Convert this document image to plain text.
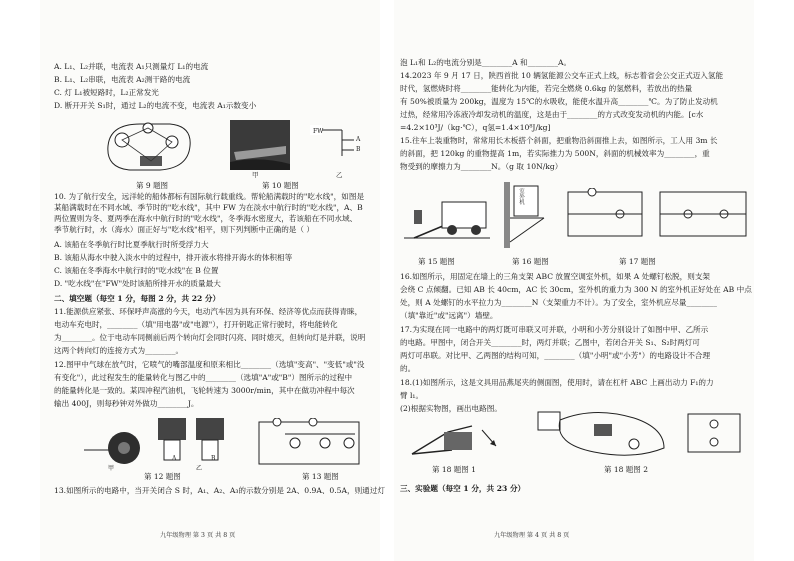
A. L₁、L₂并联，电流表 A₁只测量灯 L₁的电流
B. L₁、L₂串联，电流表 A₂测干路的电流
C. 灯 L₁被短路时，L₂正常发光
D. 断开开关 S₁时，通过 L₂的电流不变，电流表 A₁示数变小
第 9 题图
FW
A
B
甲	乙
第 10 题图
10. 为了航行安全，远洋轮的船体都标有国际航行载重线。帮轮船满载时的"吃水线"，如图是
某船满载时在不同水域、季节时的"吃水线"，其中 FW 为在淡水中航行时的"吃水线"，A、B
两位置则为冬、夏两季在海水中航行时的"吃水线"，冬季海水密度大，若该船在不同水域、
季节航行时，水（海水）面正好与"吃水线"相平，则下列判断中正确的是（ ）
A. 该船在冬季航行时比夏季航行时所受浮力大
B. 该船从海水中驶入淡水中的过程中，排开液水将排开海水的体积相等
C. 该船在冬季海水中航行时的"吃水线"在 B 位置
D. "吃水线"在"FW"处时该船所排开水的质量最大
二、填空题（每空 1 分，每图 2 分，共 22 分）
11.能源供应紧张、环保呼声高涨的今天，电动汽车因为具有环保、经济等优点而获得青睐，
电动车充电时，________（填"用电器"或"电源"），打开钥匙正常行驶时，将电能转化
为________。位于电动车同侧前后两个转向灯会同时闪亮、同时熄灭，但转向灯是并联，说明
这两个转向灯的连接方式为________。
12.图甲中气球在放气时，它喷气的嘴部温度和原来相比________（选填"变高"、"变低"或"没
有变化"），此过程发生的能量转化与图乙中的________（选填"A"或"B"）图所示的过程中
的能量转化是一致的。某四冲程汽油机，飞轮转速为 3000r/min，其中在做功冲程中每次
输出 400J，则每秒钟对外做功________J。
甲	乙
A	B
第 12 题图	第 13 题图
13.如图所示的电路中，当开关闭合 S 时，A₁、A₂、A₃的示数分别是 2A、0.9A、0.5A，则通过灯
九年级物理 第 3 页 共 8 页
泡 L₁和 L₂的电流分别是________A 和________A。
14.2023 年 9 月 17 日，陕西首批 10 辆氢能源公交车正式上线，标志着省会公交正式迈入氢能
时代，氢燃烧时将________能转化为内能，若完全燃烧 0.6kg 的氢燃料，若放出的热量
有 50%被质量为 200kg，温度为 15℃的水吸收，能使水温升高________℃。为了防止发动机
过热，经常用冷冻液冷却发动机的温度，这是由于________的方式改变发动机的内能。[c水
=4.2×10³J/（kg·℃），q氢=1.4×10⁸J/kg]
15.往车上装重物时，常常用长木板搭个斜面，把重物沿斜面推上去，如图所示，工人用 3m 长
的斜面，把 120kg 的重物提高 1m，若实际推力为 500N，斜面的机械效率为________，重
物受到的摩擦力为________N。（g 取 10N/kg）
第 15 题图
室外机
第 16 题图	第 17 题图
16.如图所示，用固定在墙上的三角支架 ABC 放置空调室外机，如果 A 处螺钉松脱，则支架
会绕 C 点倾翻。已知 AB 长 40cm，AC 长 30cm，室外机的重力为 300 N 的室外机正好处在 AB 中点
处，则 A 处螺钉的水平拉力为________N（支架重力不计）。为了安全，室外机应尽量________
（填"靠近"或"远离"）墙壁。
17.为实现在同一电路中的两灯既可串联又可并联，小明和小芳分别设计了如图中甲、乙所示
的电路。甲图中，闭合开关________时，两灯并联；乙图中，若闭合开关 S₁、S₂时两灯可
两灯可串联。对比甲、乙两图的结构可知，________（填"小明"或"小芳"）的电路设计不合理
的。
18.(1)如图所示，这是文具用品燕尾夹的侧面图，使用时，请在杠杆 ABC 上画出动力 F₁的力
臂 l₁。
(2)根据实物图，画出电路图。
第 18 题图 1	第 18 题图 2
三、实验题（每空 1 分，共 23 分）
九年级物理 第 4 页 共 8 页
